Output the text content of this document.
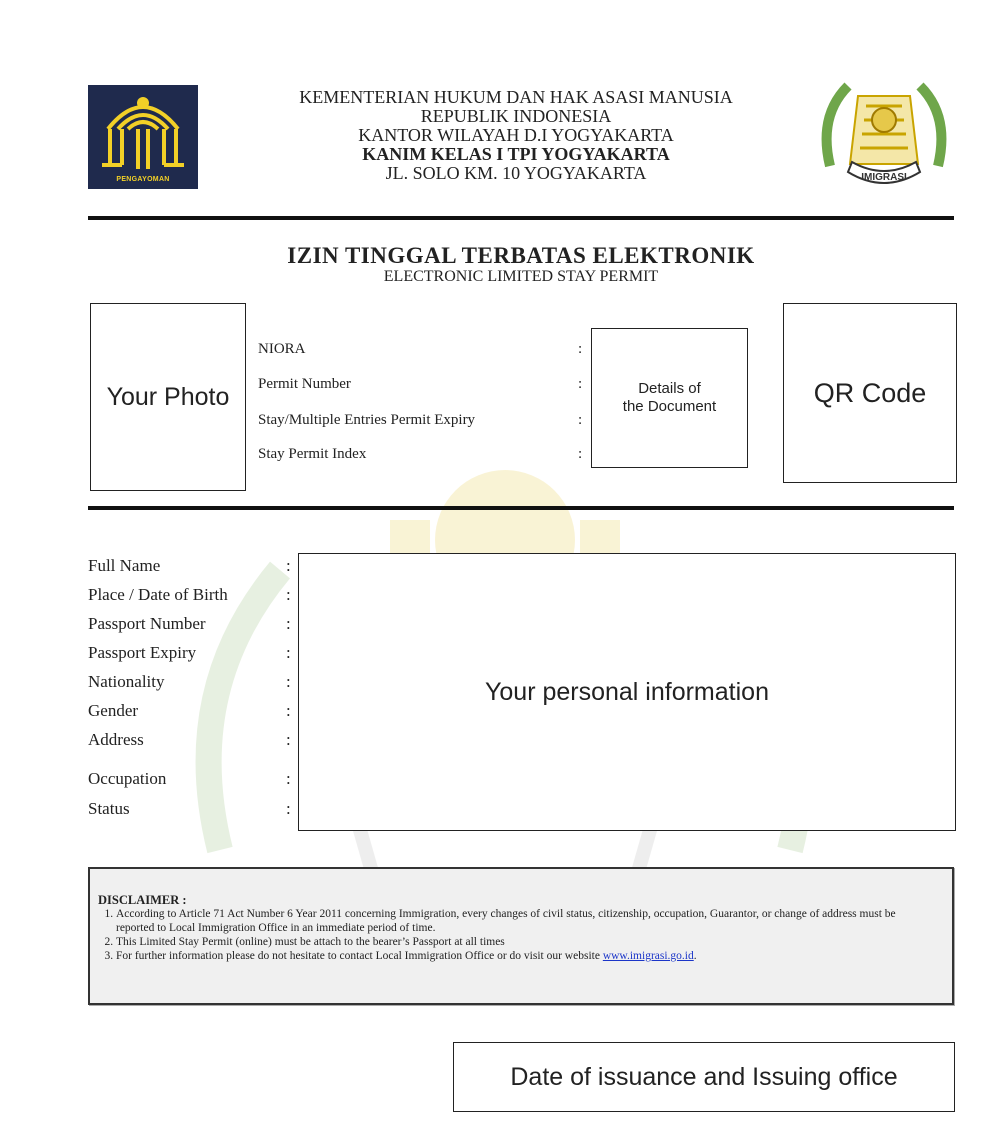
PENGAYOMAN	IMIGRASI
KEMENTERIAN HUKUM DAN HAK ASASI MANUSIA
REPUBLIK INDONESIA
KANTOR WILAYAH D.I YOGYAKARTA
KANIM KELAS I TPI YOGYAKARTA
JL. SOLO KM. 10 YOGYAKARTA
IZIN TINGGAL TERBATAS ELEKTRONIK
ELECTRONIC LIMITED STAY PERMIT
Your Photo
NIORA	:
Permit Number	:
Stay/Multiple Entries Permit Expiry	:
Stay Permit Index	:
Details of
the Document	QR Code
Full Name	:
Place / Date of Birth	:
Passport Number	:
Passport Expiry	:
Nationality	:
Gender	:
Address	:
Occupation	:
Status	:
Your personal information
DISCLAIMER :
1. According to Article 71 Act Number 6 Year 2011 concerning Immigration, every changes of civil status, citizenship, occupation, Guarantor, or change of address must be reported to Local Immigration Office in an immediate period of time.
2. This Limited Stay Permit (online) must be attach to the bearer’s Passport at all times
3. For further information please do not hesitate to contact Local Immigration Office or do visit our website www.imigrasi.go.id.
Date of issuance and Issuing office
